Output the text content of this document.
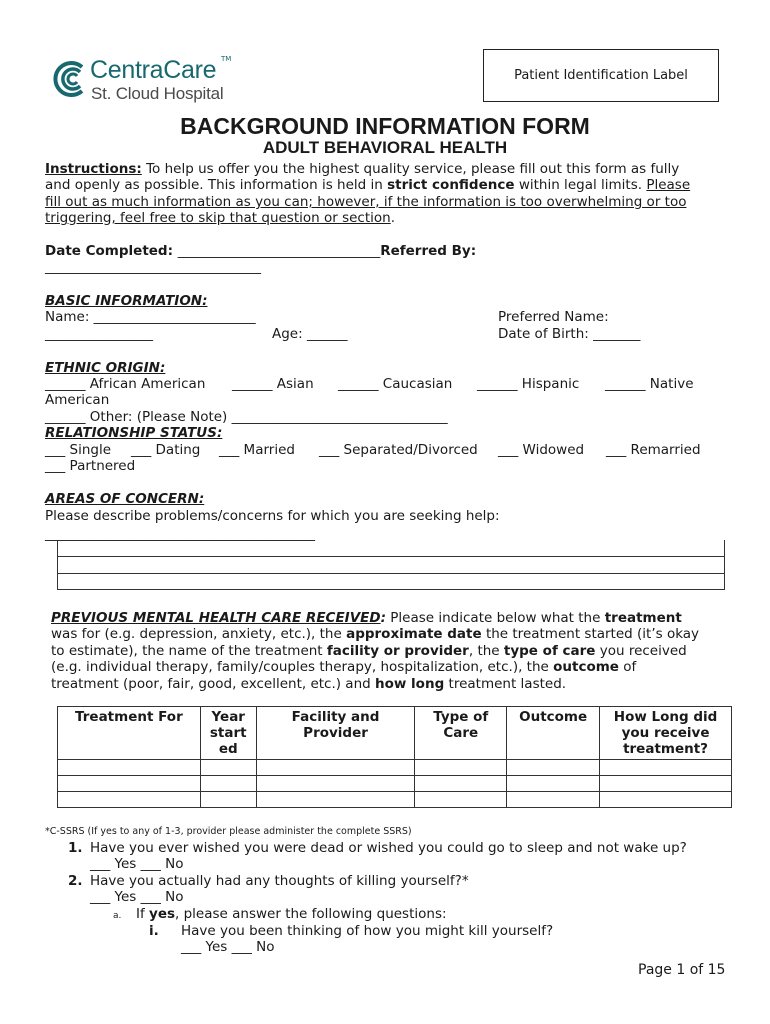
CentraCare TM
St. Cloud Hospital
Patient Identification Label
BACKGROUND INFORMATION FORM
ADULT BEHAVIORAL HEALTH
Instructions: To help us offer you the highest quality service, please fill out this form as fully
and openly as possible. This information is held in strict confidence within legal limits. Please
fill out as much information as you can; however, if the information is too overwhelming or too
triggering, feel free to skip that question or section.
Date Completed: ______________________________Referred By:
________________________________
BASIC INFORMATION:
Name: ________________________	Preferred Name:
________________	Age: ______	Date of Birth: _______
ETHNIC ORIGIN:
______ African American ______ Asian ______ Caucasian ______ Hispanic ______ Native
American
______ Other: (Please Note) ________________________________
RELATIONSHIP STATUS:
___ Single ___ Dating ___ Married ___ Separated/Divorced ___ Widowed ___ Remarried
___ Partnered
AREAS OF CONCERN:
Please describe problems/concerns for which you are seeking help:
________________________________________
PREVIOUS MENTAL HEALTH CARE RECEIVED: Please indicate below what the treatment
was for (e.g. depression, anxiety, etc.), the approximate date the treatment started (it’s okay
to estimate), the name of the treatment facility or provider, the type of care you received
(e.g. individual therapy, family/couples therapy, hospitalization, etc.), the outcome of
treatment (poor, fair, good, excellent, etc.) and how long treatment lasted.
Treatment For	Year start ed	Facility and Provider	Type of Care	Outcome	How Long did you receive treatment?

*C-SSRS (If yes to any of 1-3, provider please administer the complete SSRS)
1. Have you ever wished you were dead or wished you could go to sleep and not wake up?
___ Yes ___ No
2. Have you actually had any thoughts of killing yourself?*
___ Yes ___ No
a. If yes, please answer the following questions:
i. Have you been thinking of how you might kill yourself?
___ Yes ___ No
Page 1 of 15
